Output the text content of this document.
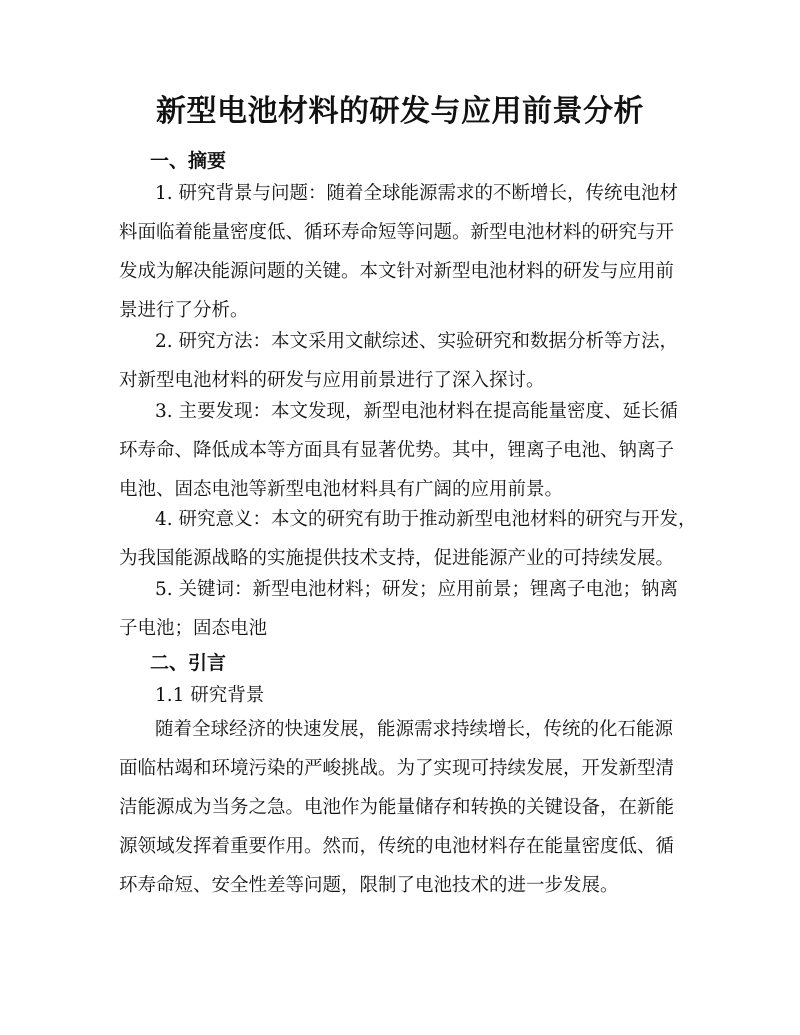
新型电池材料的研发与应用前景分析
一、摘要
1. 研究背景与问题：随着全球能源需求的不断增长，传统电池材
料面临着能量密度低、循环寿命短等问题。新型电池材料的研究与开
发成为解决能源问题的关键。本文针对新型电池材料的研发与应用前
景进行了分析。
2. 研究方法：本文采用文献综述、实验研究和数据分析等方法，
对新型电池材料的研发与应用前景进行了深入探讨。
3. 主要发现：本文发现，新型电池材料在提高能量密度、延长循
环寿命、降低成本等方面具有显著优势。其中，锂离子电池、钠离子
电池、固态电池等新型电池材料具有广阔的应用前景。
4. 研究意义：本文的研究有助于推动新型电池材料的研究与开发，
为我国能源战略的实施提供技术支持，促进能源产业的可持续发展。
5. 关键词：新型电池材料；研发；应用前景；锂离子电池；钠离
子电池；固态电池
二、引言
1.1 研究背景
随着全球经济的快速发展，能源需求持续增长，传统的化石能源
面临枯竭和环境污染的严峻挑战。为了实现可持续发展，开发新型清
洁能源成为当务之急。电池作为能量储存和转换的关键设备，在新能
源领域发挥着重要作用。然而，传统的电池材料存在能量密度低、循
环寿命短、安全性差等问题，限制了电池技术的进一步发展。
